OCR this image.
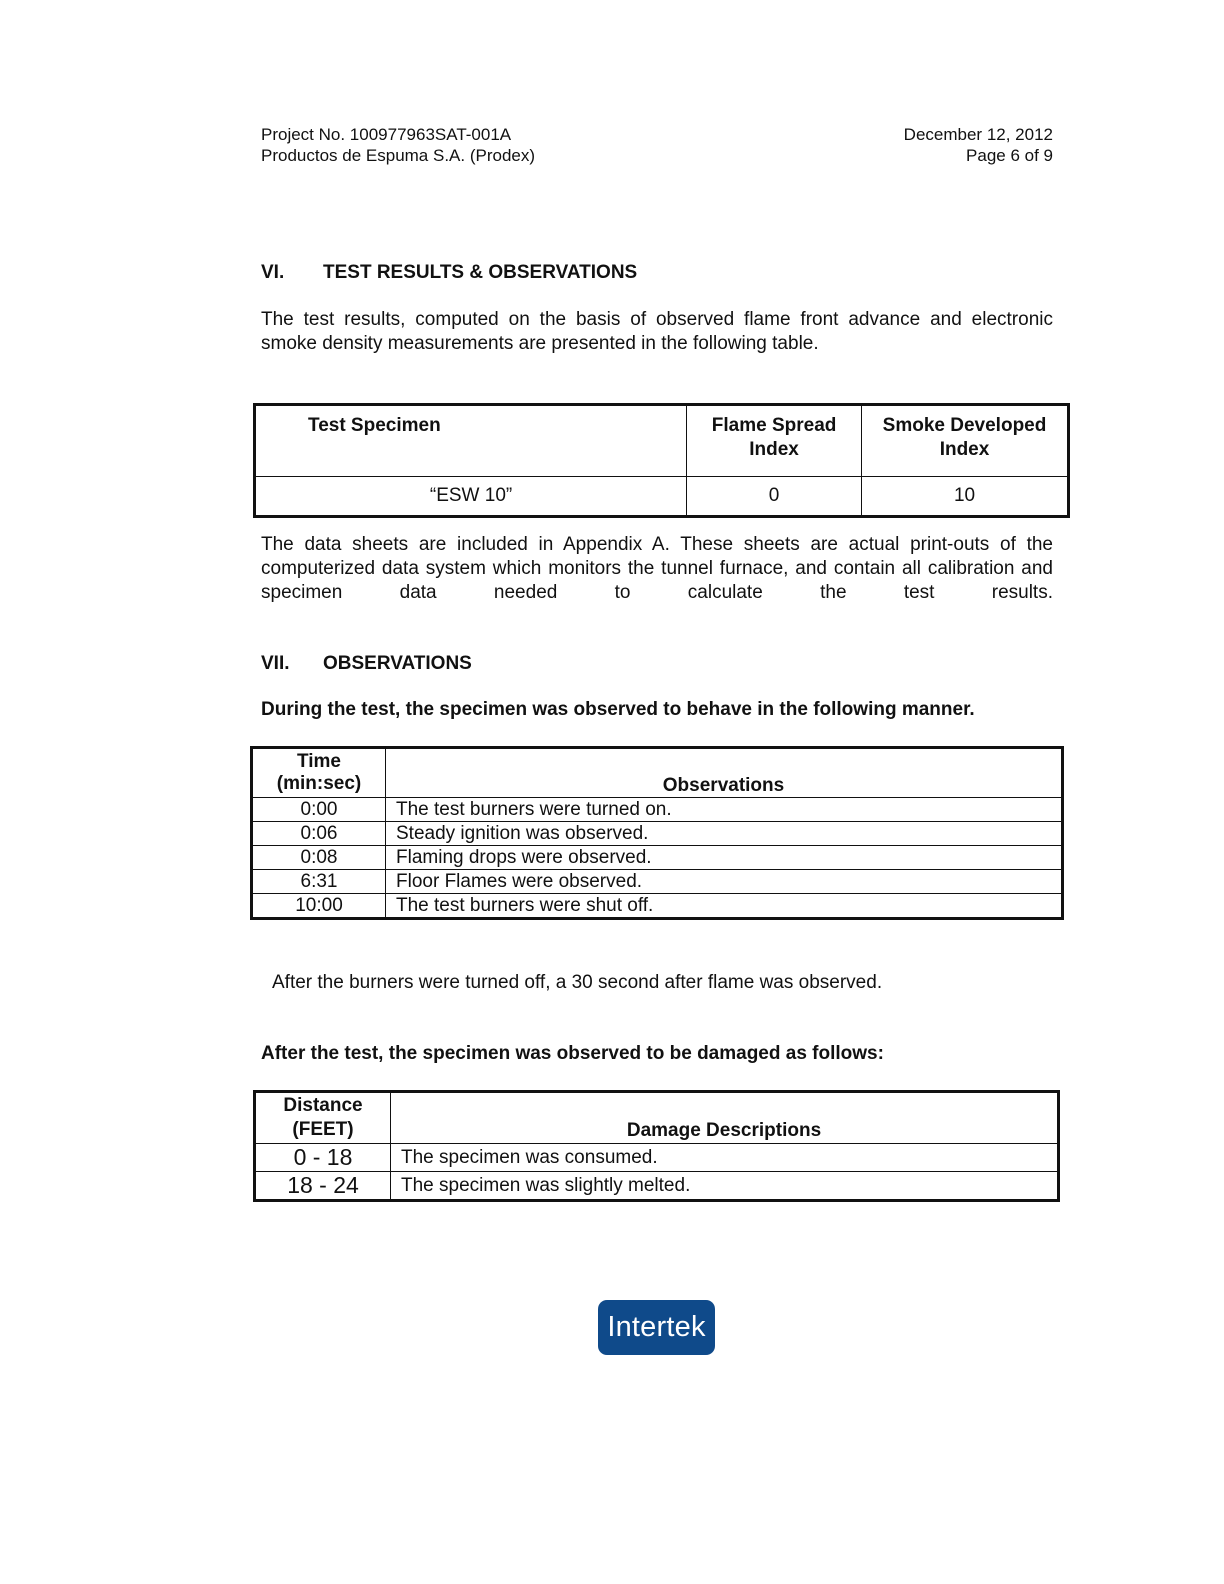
Project No. 100977963SAT-001A
Productos de Espuma S.A. (Prodex)
December 12, 2012
Page 6 of 9
VI.	TEST RESULTS & OBSERVATIONS
The test results, computed on the basis of observed flame front advance and electronic smoke density measurements are presented in the following table.
Test Specimen	Flame Spread Index	Smoke Developed Index
“ESW 10”	0	10
The data sheets are included in Appendix A. These sheets are actual print-outs of the computerized data system which monitors the tunnel furnace, and contain all calibration and specimen data needed to calculate the test results.
VII.	OBSERVATIONS
During the test, the specimen was observed to behave in the following manner.
Time (min:sec)	Observations
0:00	The test burners were turned on.
0:06	Steady ignition was observed.
0:08	Flaming drops were observed.
6:31	Floor Flames were observed.
10:00	The test burners were shut off.
After the burners were turned off, a 30 second after flame was observed.
After the test, the specimen was observed to be damaged as follows:
Distance (FEET)	Damage Descriptions
0 - 18	The specimen was consumed.
18 - 24	The specimen was slightly melted.
Intertek
